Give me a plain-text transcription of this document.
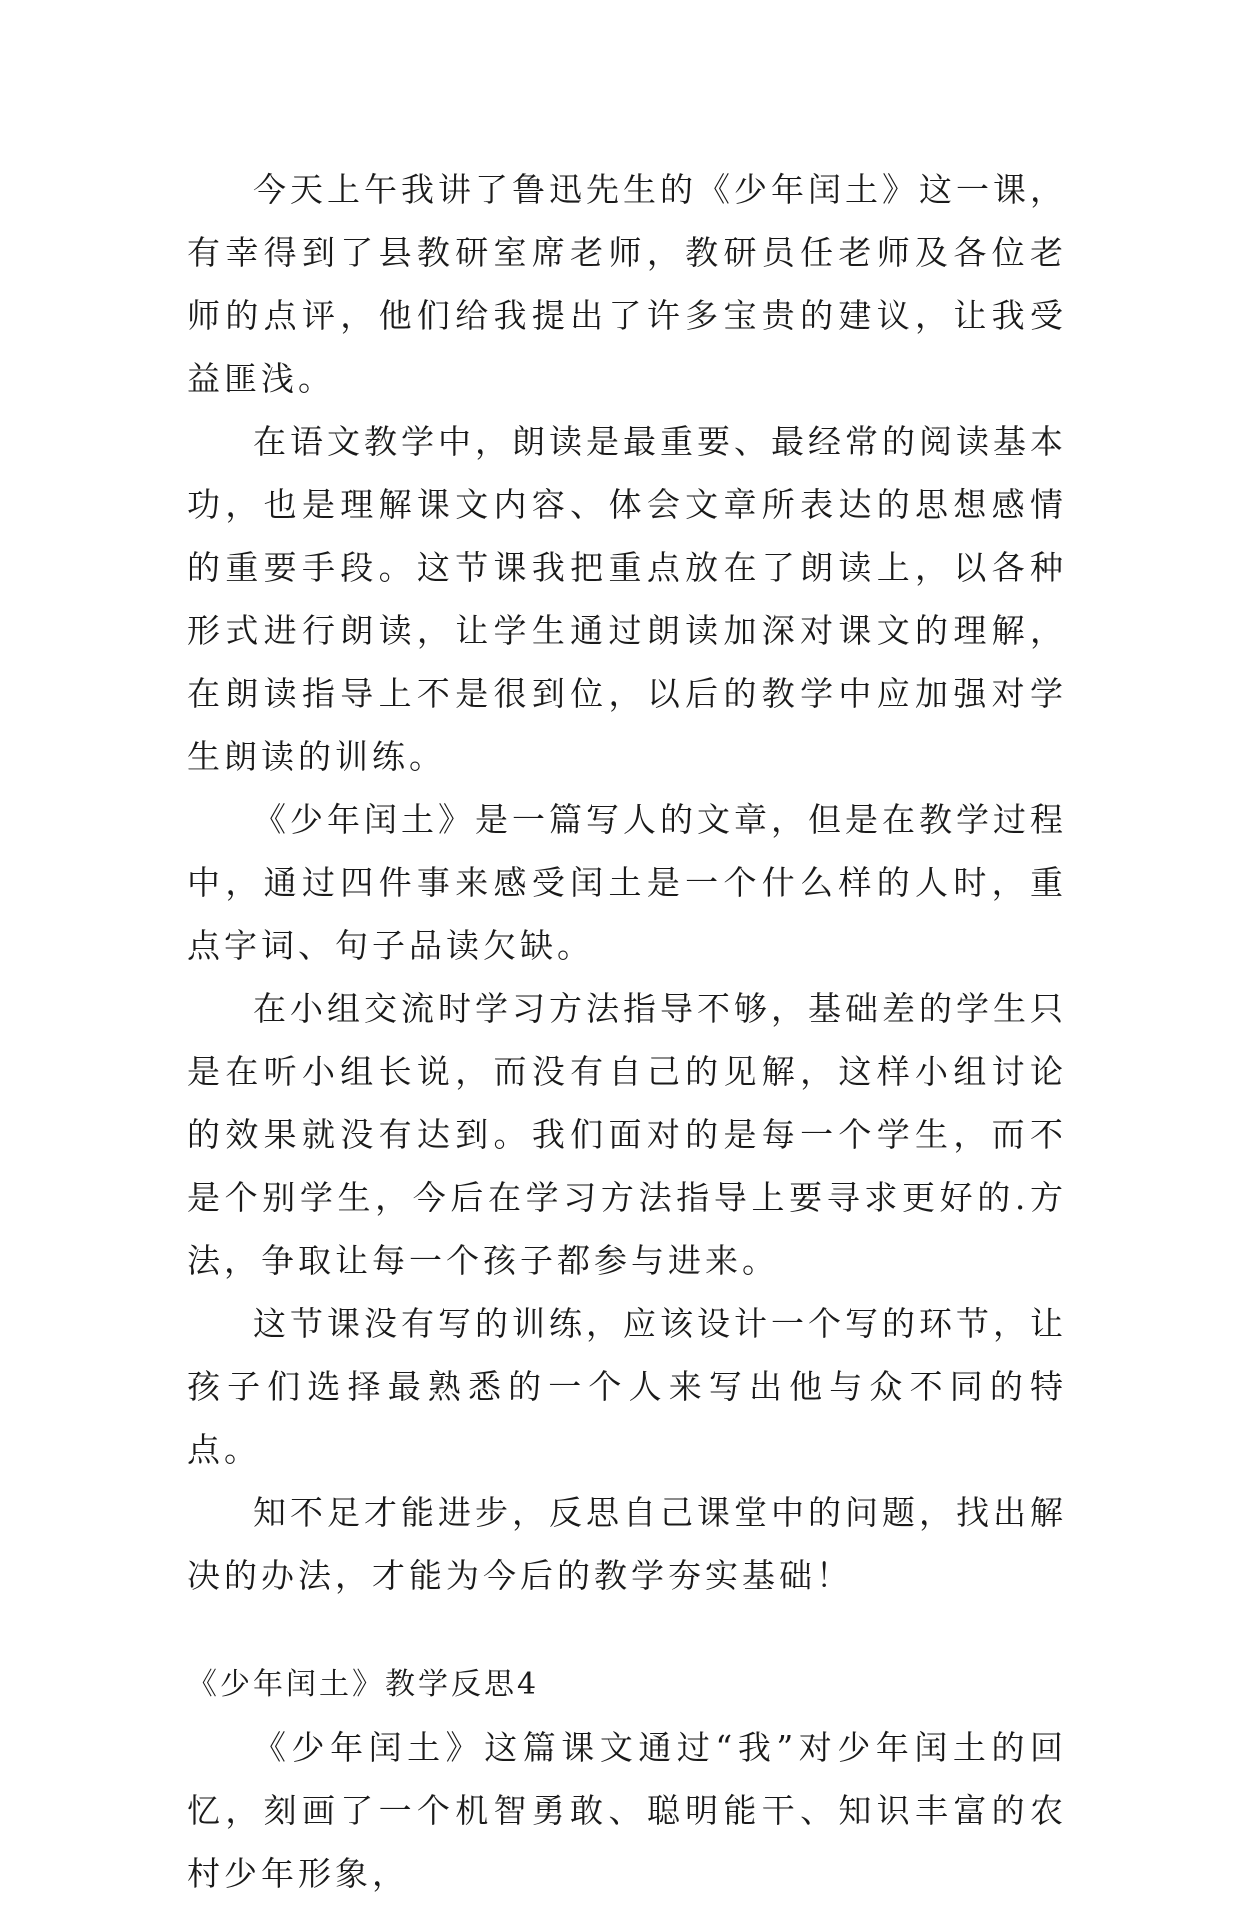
今天上午我讲了鲁迅先生的《少年闰土》这一课，有幸得到了县教研室席老师，教研员任老师及各位老师的点评，他们给我提出了许多宝贵的建议，让我受益匪浅。

在语文教学中，朗读是最重要、最经常的阅读基本功，也是理解课文内容、体会文章所表达的思想感情的重要手段。这节课我把重点放在了朗读上，以各种形式进行朗读，让学生通过朗读加深对课文的理解，在朗读指导上不是很到位，以后的教学中应加强对学生朗读的训练。

《少年闰土》是一篇写人的文章，但是在教学过程中，通过四件事来感受闰土是一个什么样的人时，重点字词、句子品读欠缺。

在小组交流时学习方法指导不够，基础差的学生只是在听小组长说，而没有自己的见解，这样小组讨论的效果就没有达到。我们面对的是每一个学生，而不是个别学生，今后在学习方法指导上要寻求更好的.方法，争取让每一个孩子都参与进来。

这节课没有写的训练，应该设计一个写的环节，让孩子们选择最熟悉的一个人来写出他与众不同的特点。

知不足才能进步，反思自己课堂中的问题，找出解决的办法，才能为今后的教学夯实基础！

《少年闰土》教学反思4

《少年闰土》这篇课文通过“我”对少年闰土的回忆，刻画了一个机智勇敢、聪明能干、知识丰富的农村少年形象，
